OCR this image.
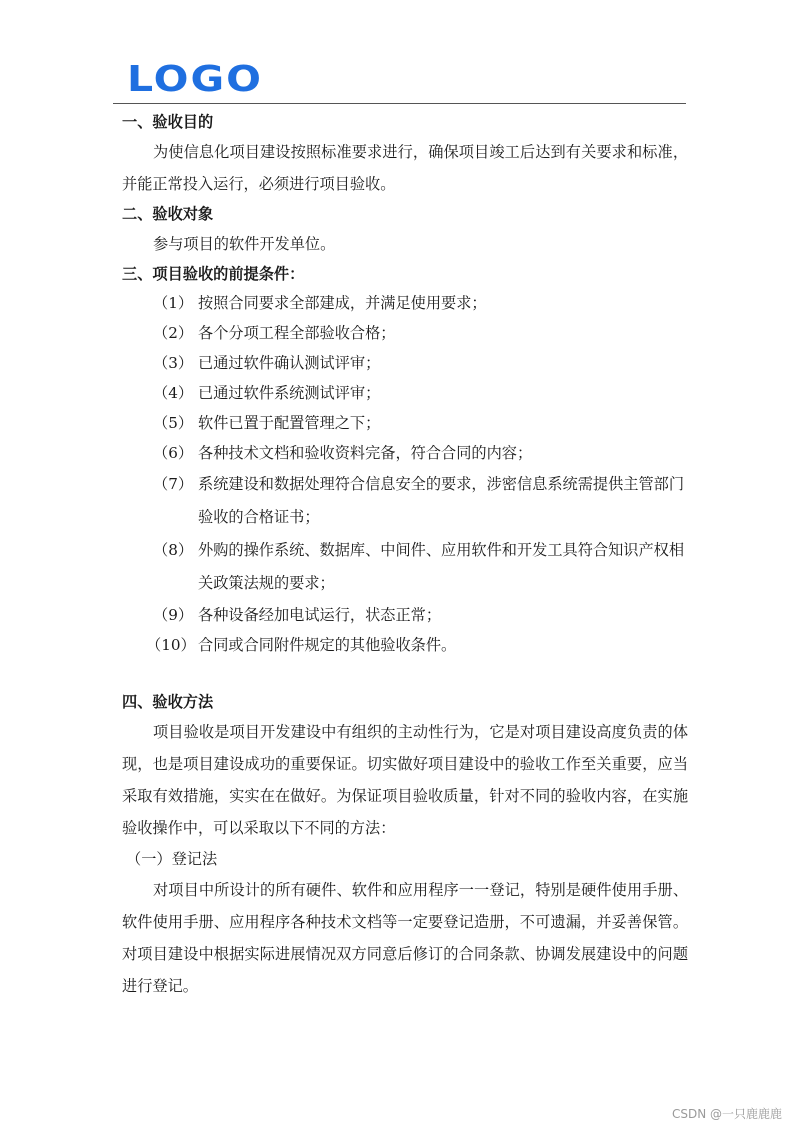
LOGO
一、验收目的
为使信息化项目建设按照标准要求进行，确保项目竣工后达到有关要求和标准，并能正常投入运行，必须进行项目验收。
二、验收对象
参与项目的软件开发单位。
三、项目验收的前提条件：
（1） 按照合同要求全部建成，并满足使用要求；
（2） 各个分项工程全部验收合格；
（3） 已通过软件确认测试评审；
（4） 已通过软件系统测试评审；
（5） 软件已置于配置管理之下；
（6） 各种技术文档和验收资料完备，符合合同的内容；
（7） 系统建设和数据处理符合信息安全的要求，涉密信息系统需提供主管部门验收的合格证书；
（8） 外购的操作系统、数据库、中间件、应用软件和开发工具符合知识产权相关政策法规的要求；
（9） 各种设备经加电试运行，状态正常；
（10） 合同或合同附件规定的其他验收条件。
四、验收方法
项目验收是项目开发建设中有组织的主动性行为，它是对项目建设高度负责的体现，也是项目建设成功的重要保证。切实做好项目建设中的验收工作至关重要，应当采取有效措施，实实在在做好。为保证项目验收质量，针对不同的验收内容，在实施验收操作中，可以采取以下不同的方法：
（一）登记法
对项目中所设计的所有硬件、软件和应用程序一一登记，特别是硬件使用手册、软件使用手册、应用程序各种技术文档等一定要登记造册，不可遗漏，并妥善保管。对项目建设中根据实际进展情况双方同意后修订的合同条款、协调发展建设中的问题进行登记。
CSDN @一只鹿鹿鹿
